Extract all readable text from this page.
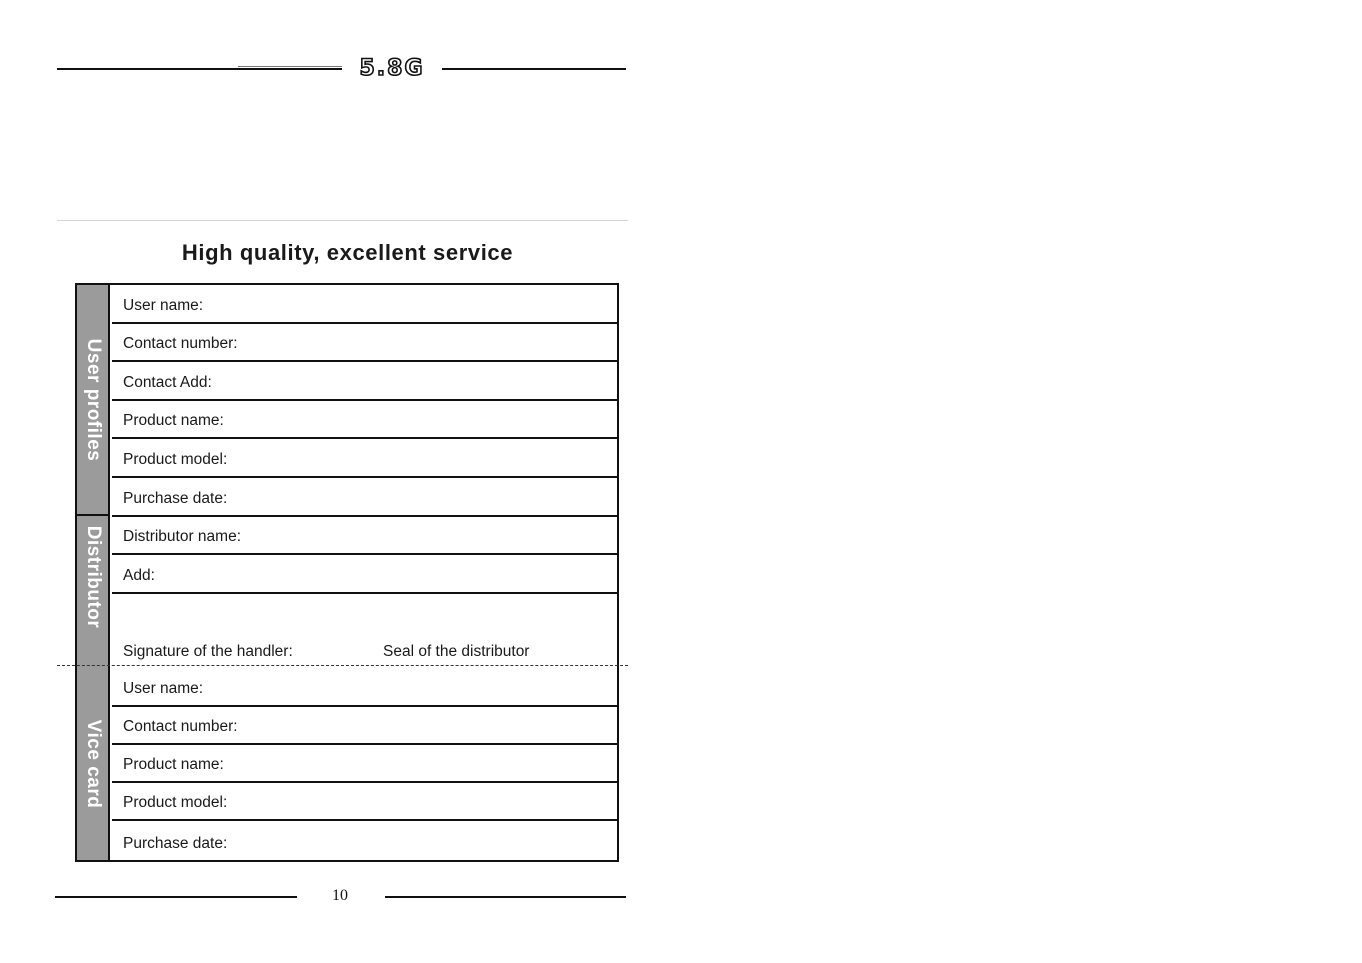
5.8G
High quality, excellent service
User profiles
Distributor
Vice card
User name:
Contact number:
Contact Add:
Product name:
Product model:
Purchase date:
Distributor name:
Add:
Signature of the handler:	Seal of the distributor
User name:
Contact number:
Product name:
Product model:
Purchase date:
10
